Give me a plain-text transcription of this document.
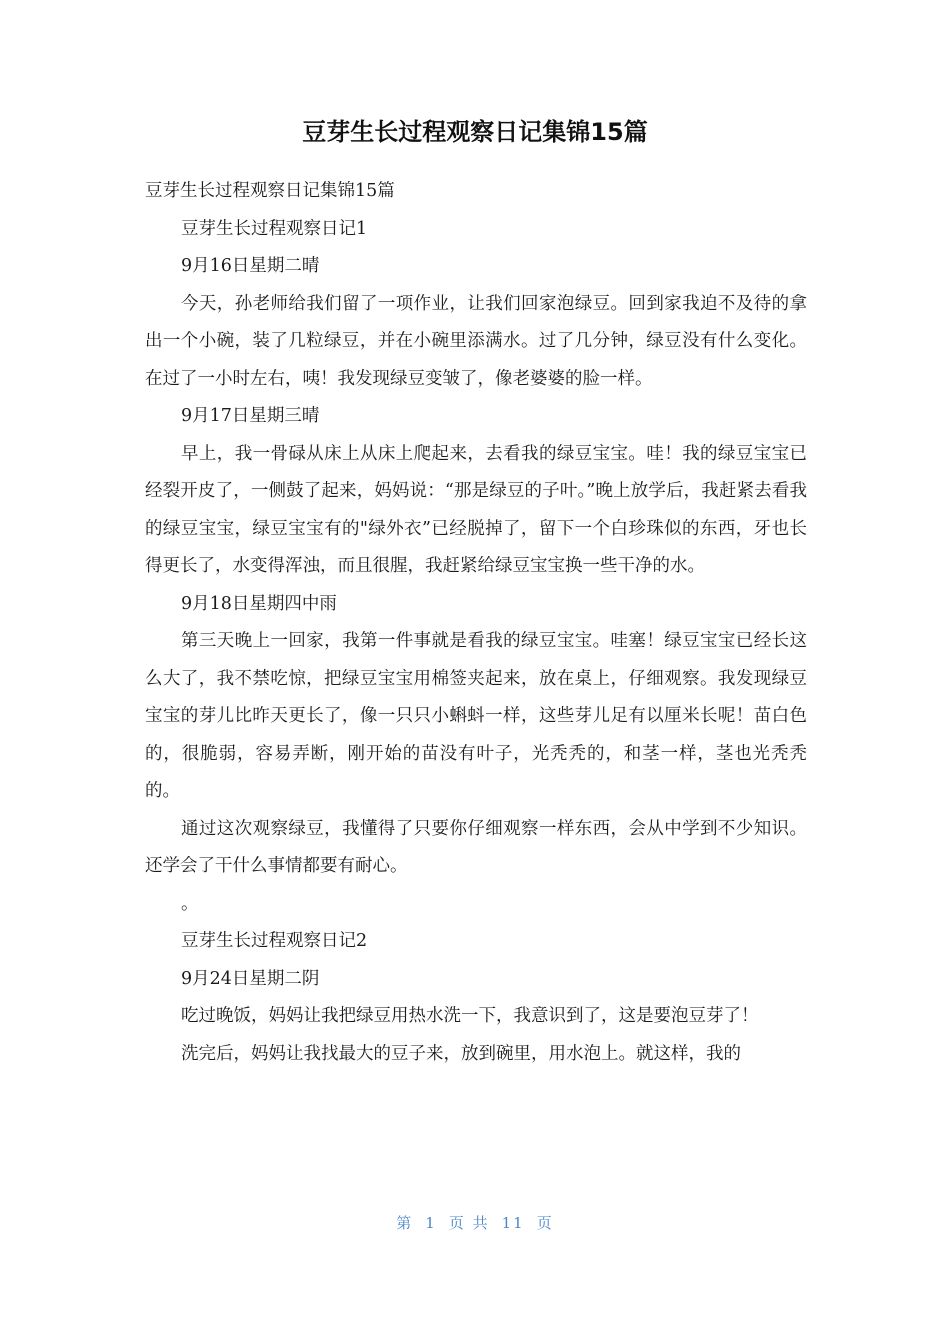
豆芽生长过程观察日记集锦15篇

豆芽生长过程观察日记集锦15篇

豆芽生长过程观察日记1

9月16日星期二晴

今天，孙老师给我们留了一项作业，让我们回家泡绿豆。回到家我迫不及待的拿出一个小碗，装了几粒绿豆，并在小碗里添满水。过了几分钟，绿豆没有什么变化。在过了一小时左右，咦！我发现绿豆变皱了，像老婆婆的脸一样。

9月17日星期三晴

早上，我一骨碌从床上从床上爬起来，去看我的绿豆宝宝。哇！我的绿豆宝宝已经裂开皮了，一侧鼓了起来，妈妈说：“那是绿豆的子叶。”晚上放学后，我赶紧去看我的绿豆宝宝，绿豆宝宝有的"绿外衣”已经脱掉了，留下一个白珍珠似的东西，牙也长得更长了，水变得浑浊，而且很腥，我赶紧给绿豆宝宝换一些干净的水。

9月18日星期四中雨

第三天晚上一回家，我第一件事就是看我的绿豆宝宝。哇塞！绿豆宝宝已经长这么大了，我不禁吃惊，把绿豆宝宝用棉签夹起来，放在桌上，仔细观察。我发现绿豆宝宝的芽儿比昨天更长了，像一只只小蝌蚪一样，这些芽儿足有以厘米长呢！苗白色的，很脆弱，容易弄断，刚开始的苗没有叶子，光秃秃的，和茎一样，茎也光秃秃的。

通过这次观察绿豆，我懂得了只要你仔细观察一样东西，会从中学到不少知识。还学会了干什么事情都要有耐心。

。

豆芽生长过程观察日记2

9月24日星期二阴

吃过晚饭，妈妈让我把绿豆用热水洗一下，我意识到了，这是要泡豆芽了！

洗完后，妈妈让我找最大的豆子来，放到碗里，用水泡上。就这样，我的

第 1 页 共 11 页
